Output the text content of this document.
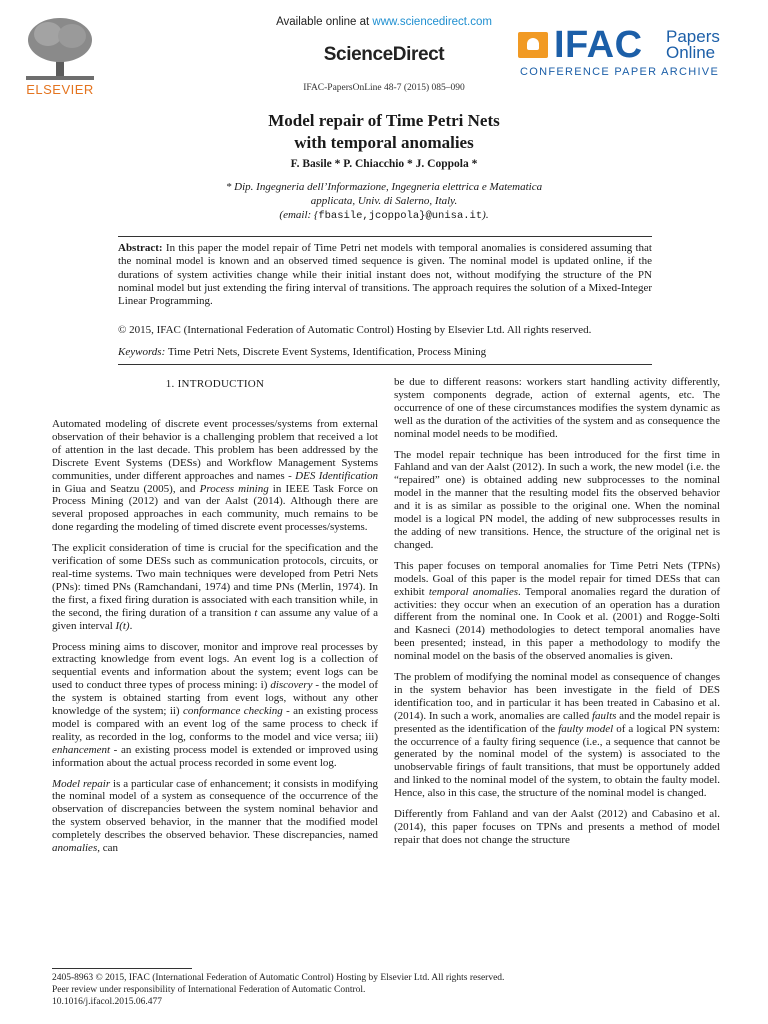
ELSEVIER
Available online at www.sciencedirect.com
ScienceDirect
IFAC-PapersOnLine 48-7 (2015) 085–090
IFAC Papers
Online
CONFERENCE PAPER ARCHIVE
Model repair of Time Petri Nets
with temporal anomalies
F. Basile * P. Chiacchio * J. Coppola *
* Dip. Ingegneria dell’Informazione, Ingegneria elettrica e Matematica
applicata, Univ. di Salerno, Italy.
(email: {fbasile,jcoppola}@unisa.it).
Abstract: In this paper the model repair of Time Petri net models with temporal anomalies is considered assuming that the nominal model is known and an observed timed sequence is given. The nominal model is updated online, if the durations of system activities change while their initial instant does not, without modifying the structure of the PN nominal model but just extending the firing interval of transitions. The approach requires the solution of a Mixed-Integer Linear Programming.
© 2015, IFAC (International Federation of Automatic Control) Hosting by Elsevier Ltd. All rights reserved.
Keywords: Time Petri Nets, Discrete Event Systems, Identification, Process Mining
1. INTRODUCTION

Automated modeling of discrete event processes/systems from external observation of their behavior is a challenging problem that received a lot of attention in the last decade. This problem has been addressed by the Discrete Event Systems (DESs) and Workflow Management Systems communities, under different approaches and names - DES Identification in Giua and Seatzu (2005), and Process mining in IEEE Task Force on Process Mining (2012) and van der Aalst (2014). Although there are several proposed approaches in each community, much remains to be done regarding the modeling of timed discrete event processes/systems.

The explicit consideration of time is crucial for the specification and the verification of some DESs such as communication protocols, circuits, or real-time systems. Two main techniques were developed from Petri Nets (PNs): timed PNs (Ramchandani, 1974) and time PNs (Merlin, 1974). In the first, a fixed firing duration is associated with each transition while, in the second, the firing duration of a transition t can assume any value of a given interval I(t).

Process mining aims to discover, monitor and improve real processes by extracting knowledge from event logs. An event log is a collection of sequential events and information about the system; event logs can be used to conduct three types of process mining: i) discovery - the model of the system is obtained starting from event logs, without any other knowledge of the system; ii) conformance checking - an existing process model is compared with an event log of the same process to check if reality, as recorded in the log, conforms to the model and vice versa; iii) enhancement - an existing process model is extended or improved using information about the actual process recorded in some event log.

Model repair is a particular case of enhancement; it consists in modifying the nominal model of a system as consequence of the occurrence of the observation of discrepancies between the system nominal behavior and the system observed behavior, in the manner that the modified model completely describes the observed behavior. These discrepancies, named anomalies, can

be due to different reasons: workers start handling activity differently, system components degrade, action of external agents, etc. The occurrence of one of these circumstances modifies the system dynamic as well as the duration of the activities of the system and as consequence the nominal model needs to be modified.

The model repair technique has been introduced for the first time in Fahland and van der Aalst (2012). In such a work, the new model (i.e. the “repaired” one) is obtained adding new subprocesses to the nominal model in the manner that the resulting model fits the observed behavior and it is as similar as possible to the original one. When the nominal model is a logical PN model, the adding of new subprocesses results in the adding of new transitions. Hence, the structure of the original net is changed.

This paper focuses on temporal anomalies for Time Petri Nets (TPNs) models. Goal of this paper is the model repair for timed DESs that can exhibit temporal anomalies. Temporal anomalies regard the duration of activities: they occur when an execution of an operation has a duration different from the nominal one. In Cook et al. (2001) and Rogge-Solti and Kasneci (2014) methodologies to detect temporal anomalies have been presented; instead, in this paper a methodology to modify the nominal model on the basis of the observed anomalies is given.

The problem of modifying the nominal model as consequence of changes in the system behavior has been investigate in the field of DES identification too, and in particular it has been treated in Cabasino et al. (2014). In such a work, anomalies are called faults and the model repair is presented as the identification of the faulty model of a logical PN system: the occurrence of a faulty firing sequence (i.e., a sequence that cannot be generated by the nominal model of the system) is associated to the unobservable firings of fault transitions, that must be opportunely added and linked to the nominal model of the system, to obtain the faulty model. Hence, also in this case, the structure of the nominal model is changed.

Differently from Fahland and van der Aalst (2012) and Cabasino et al. (2014), this paper focuses on TPNs and presents a method of model repair that does not change the structure

2405-8963 © 2015, IFAC (International Federation of Automatic Control) Hosting by Elsevier Ltd. All rights reserved.
Peer review under responsibility of International Federation of Automatic Control.
10.1016/j.ifacol.2015.06.477
